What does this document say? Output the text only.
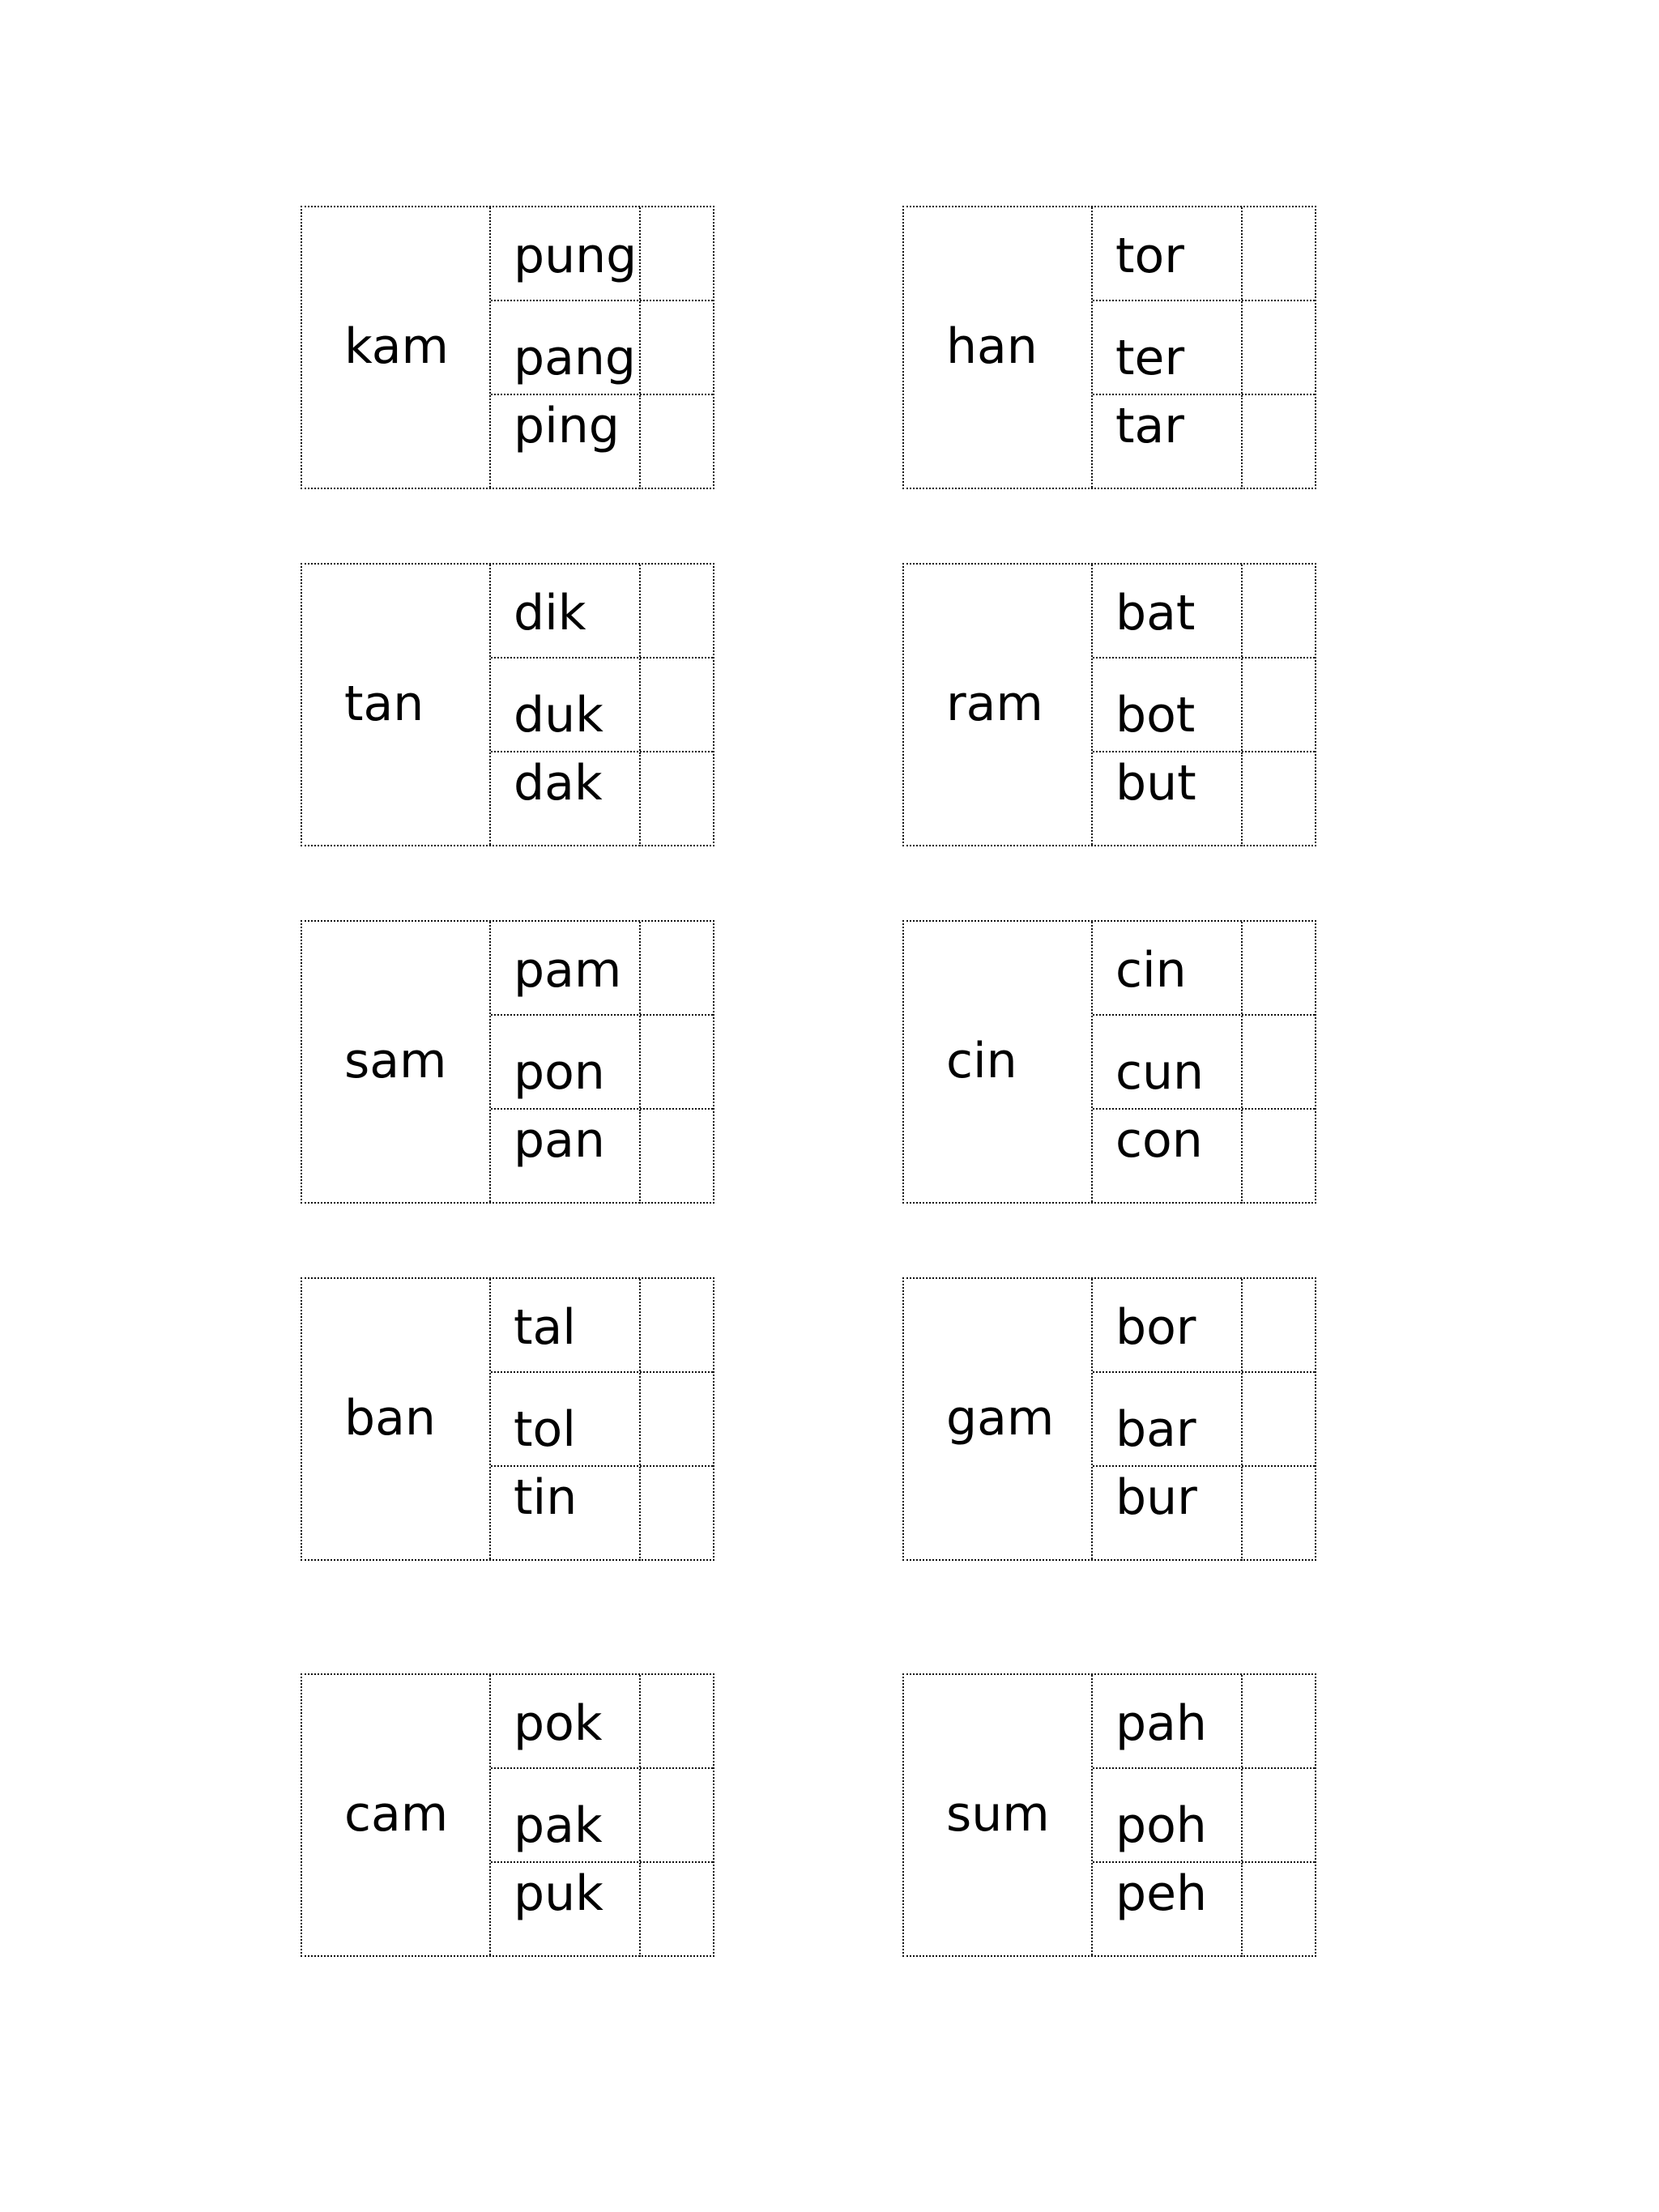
kam
pung
pang
ping
han
tor
ter
tar
tan
dik
duk
dak
ram
bat
bot
but
sam
pam
pon
pan
cin
cin
cun
con
ban
tal
tol
tin
gam
bor
bar
bur
cam
pok
pak
puk
sum
pah
poh
peh
